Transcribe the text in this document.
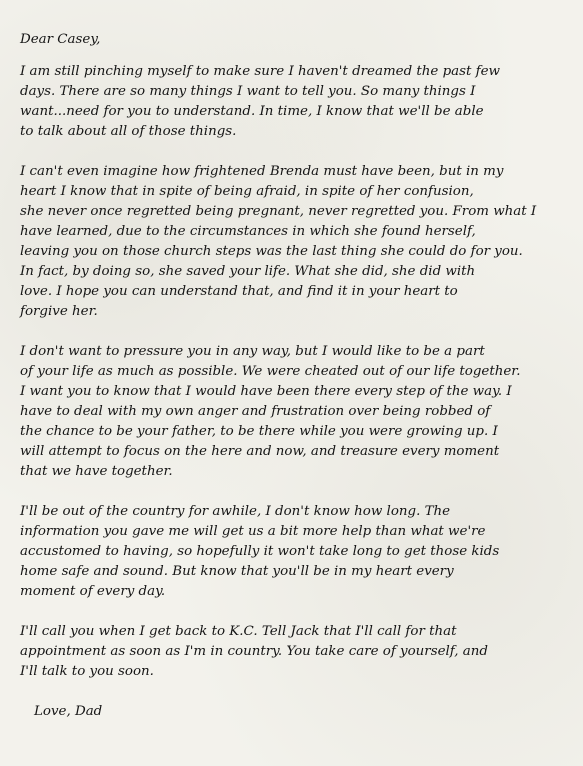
Dear Casey,
I am still pinching myself to make sure I haven't dreamed the past few
days. There are so many things I want to tell you. So many things I
want...need for you to understand. In time, I know that we'll be able
to talk about all of those things.
I can't even imagine how frightened Brenda must have been, but in my
heart I know that in spite of being afraid, in spite of her confusion,
she never once regretted being pregnant, never regretted you. From what I
have learned, due to the circumstances in which she found herself,
leaving you on those church steps was the last thing she could do for you.
In fact, by doing so, she saved your life. What she did, she did with
love. I hope you can understand that, and find it in your heart to
forgive her.
I don't want to pressure you in any way, but I would like to be a part
of your life as much as possible. We were cheated out of our life together.
I want you to know that I would have been there every step of the way. I
have to deal with my own anger and frustration over being robbed of
the chance to be your father, to be there while you were growing up. I
will attempt to focus on the here and now, and treasure every moment
that we have together.
I'll be out of the country for awhile, I don't know how long. The
information you gave me will get us a bit more help than what we're
accustomed to having, so hopefully it won't take long to get those kids
home safe and sound. But know that you'll be in my heart every
moment of every day.
I'll call you when I get back to K.C. Tell Jack that I'll call for that
appointment as soon as I'm in country. You take care of yourself, and
I'll talk to you soon.
Love, Dad
